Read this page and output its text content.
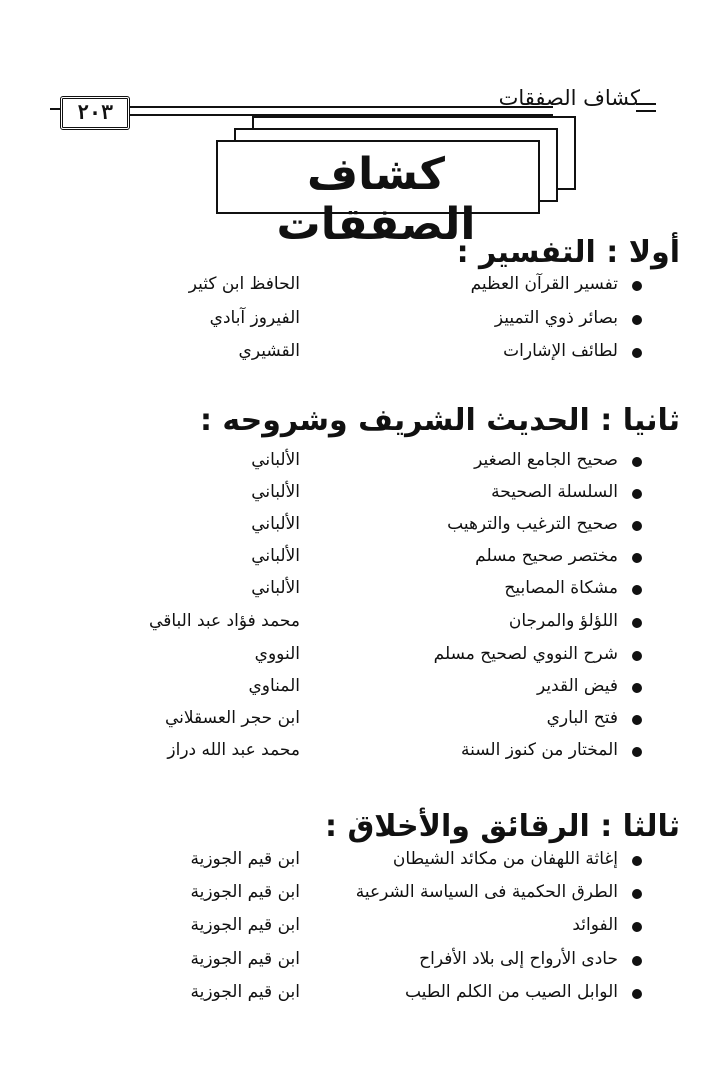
كشاف الصفقات
٢٠٣
كشاف الصفقات
أولا : التفسير :
تفسير القرآن العظيم
الحافظ ابن كثير
بصائر ذوي التمييز
الفيروز آبادي
لطائف الإشارات
القشيري
ثانيا : الحديث الشريف وشروحه :
صحيح الجامع الصغير
الألباني
السلسلة الصحيحة
الألباني
صحيح الترغيب والترهيب
الألباني
مختصر صحيح مسلم
الألباني
مشكاة المصابيح
الألباني
اللؤلؤ والمرجان
محمد فؤاد عبد الباقي
شرح النووي لصحيح مسلم
النووي
فيض القدير
المناوي
فتح الباري
ابن حجر العسقلاني
المختار من كنوز السنة
محمد عبد الله دراز
ثالثا : الرقائق والأخلاق :
إغاثة اللهفان من مكائد الشيطان
ابن قيم الجوزية
الطرق الحكمية فى السياسة الشرعية
ابن قيم الجوزية
الفوائد
ابن قيم الجوزية
حادى الأرواح إلى بلاد الأفراح
ابن قيم الجوزية
الوابل الصيب من الكلم الطيب
ابن قيم الجوزية
